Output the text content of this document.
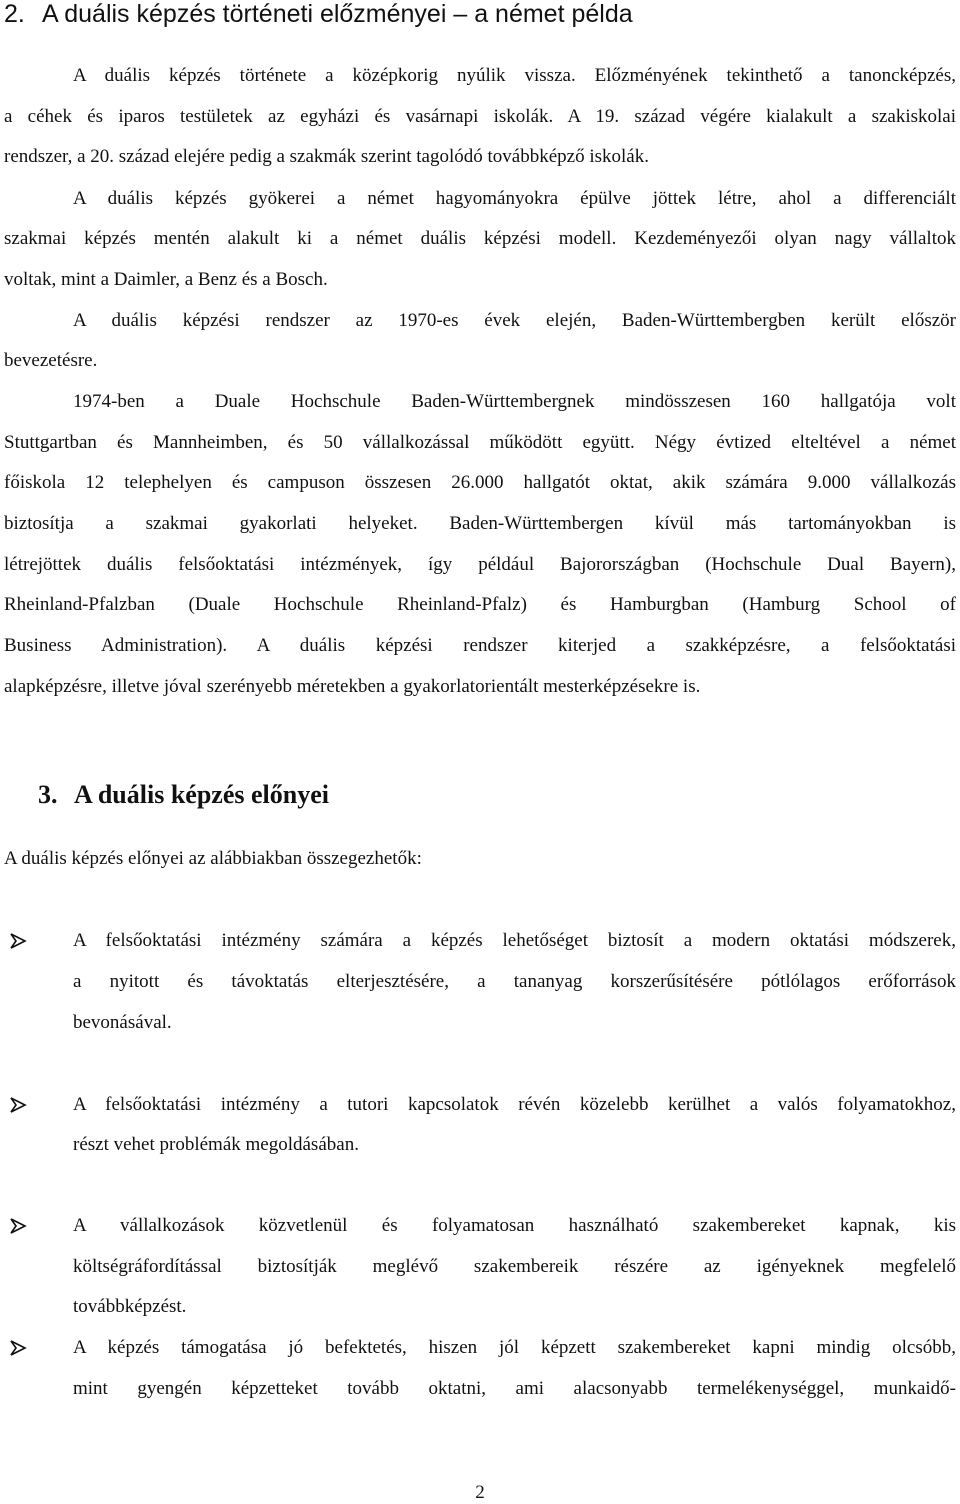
2. A duális képzés történeti előzményei – a német példa
A duális képzés története a középkorig nyúlik vissza. Előzményének tekinthető a tanoncképzés,
a céhek és iparos testületek az egyházi és vasárnapi iskolák. A 19. század végére kialakult a szakiskolai
rendszer, a 20. század elejére pedig a szakmák szerint tagolódó továbbképző iskolák.
A duális képzés gyökerei a német hagyományokra épülve jöttek létre, ahol a differenciált
szakmai képzés mentén alakult ki a német duális képzési modell. Kezdeményezői olyan nagy vállaltok
voltak, mint a Daimler, a Benz és a Bosch.
A duális képzési rendszer az 1970-es évek elején, Baden-Württembergben került először
bevezetésre.
1974-ben a Duale Hochschule Baden-Württembergnek mindösszesen 160 hallgatója volt
Stuttgartban és Mannheimben, és 50 vállalkozással működött együtt. Négy évtized elteltével a német
főiskola 12 telephelyen és campuson összesen 26.000 hallgatót oktat, akik számára 9.000 vállalkozás
biztosítja a szakmai gyakorlati helyeket. Baden-Württembergen kívül más tartományokban is
létrejöttek duális felsőoktatási intézmények, így például Bajorországban (Hochschule Dual Bayern),
Rheinland-Pfalzban (Duale Hochschule Rheinland-Pfalz) és Hamburgban (Hamburg School of
Business Administration). A duális képzési rendszer kiterjed a szakképzésre, a felsőoktatási
alapképzésre, illetve jóval szerényebb méretekben a gyakorlatorientált mesterképzésekre is.
3. A duális képzés előnyei
A duális képzés előnyei az alábbiakban összegezhetők:
A felsőoktatási intézmény számára a képzés lehetőséget biztosít a modern oktatási módszerek,
a nyitott és távoktatás elterjesztésére, a tananyag korszerűsítésére pótlólagos erőforrások
bevonásával.
A felsőoktatási intézmény a tutori kapcsolatok révén közelebb kerülhet a valós folyamatokhoz,
részt vehet problémák megoldásában.
A vállalkozások közvetlenül és folyamatosan használható szakembereket kapnak, kis
költségráfordítással biztosítják meglévő szakembereik részére az igényeknek megfelelő
továbbképzést.
A képzés támogatása jó befektetés, hiszen jól képzett szakembereket kapni mindig olcsóbb,
mint gyengén képzetteket tovább oktatni, ami alacsonyabb termelékenységgel, munkaidő-
2
